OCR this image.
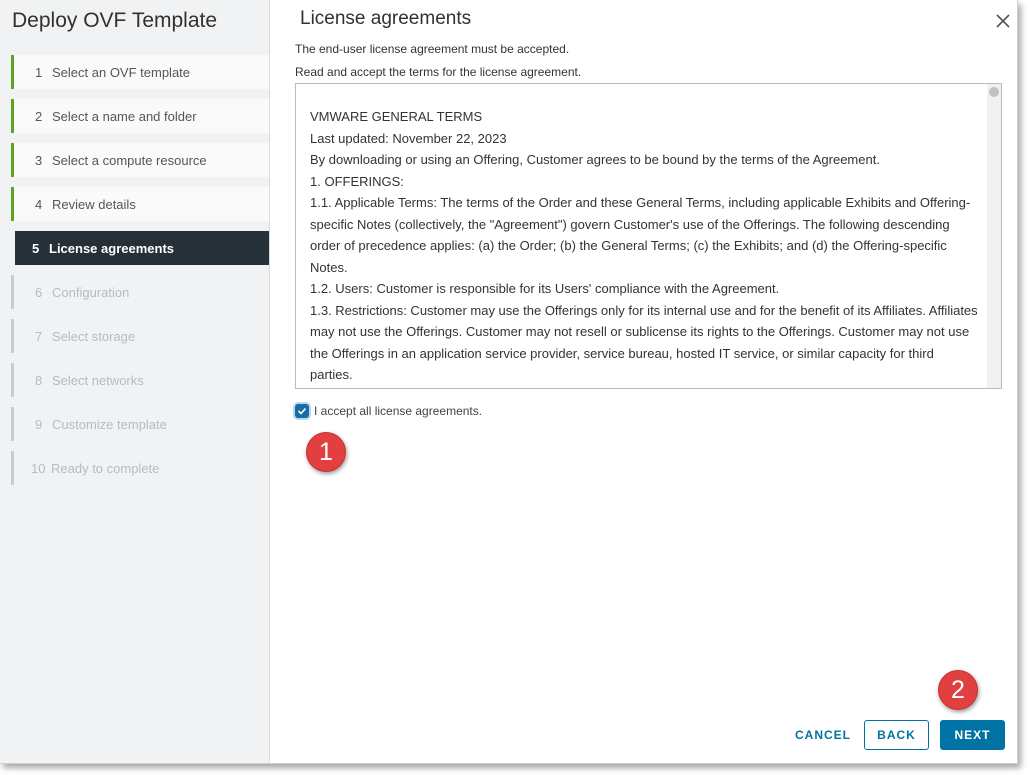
Deploy OVF Template
1 Select an OVF template
2 Select a name and folder
3 Select a compute resource
4 Review details
5 License agreements
6 Configuration
7 Select storage
8 Select networks
9 Customize template
10 Ready to complete
License agreements
The end-user license agreement must be accepted.
Read and accept the terms for the license agreement.

VMWARE GENERAL TERMS

Last updated: November 22, 2023

By downloading or using an Offering, Customer agrees to be bound by the terms of the Agreement.

1. OFFERINGS:

1.1. Applicable Terms: The terms of the Order and these General Terms, including applicable Exhibits and Offering-specific Notes (collectively, the "Agreement") govern Customer's use of the Offerings. The following descending order of precedence applies: (a) the Order; (b) the General Terms; (c) the Exhibits; and (d) the Offering-specific Notes.

1.2. Users: Customer is responsible for its Users' compliance with the Agreement.

1.3. Restrictions: Customer may use the Offerings only for its internal use and for the benefit of its Affiliates. Affiliates may not use the Offerings. Customer may not resell or sublicense its rights to the Offerings. Customer may not use the Offerings in an application service provider, service bureau, hosted IT service, or similar capacity for third parties.

I accept all license agreements.
1
2
CANCEL	BACK	NEXT
